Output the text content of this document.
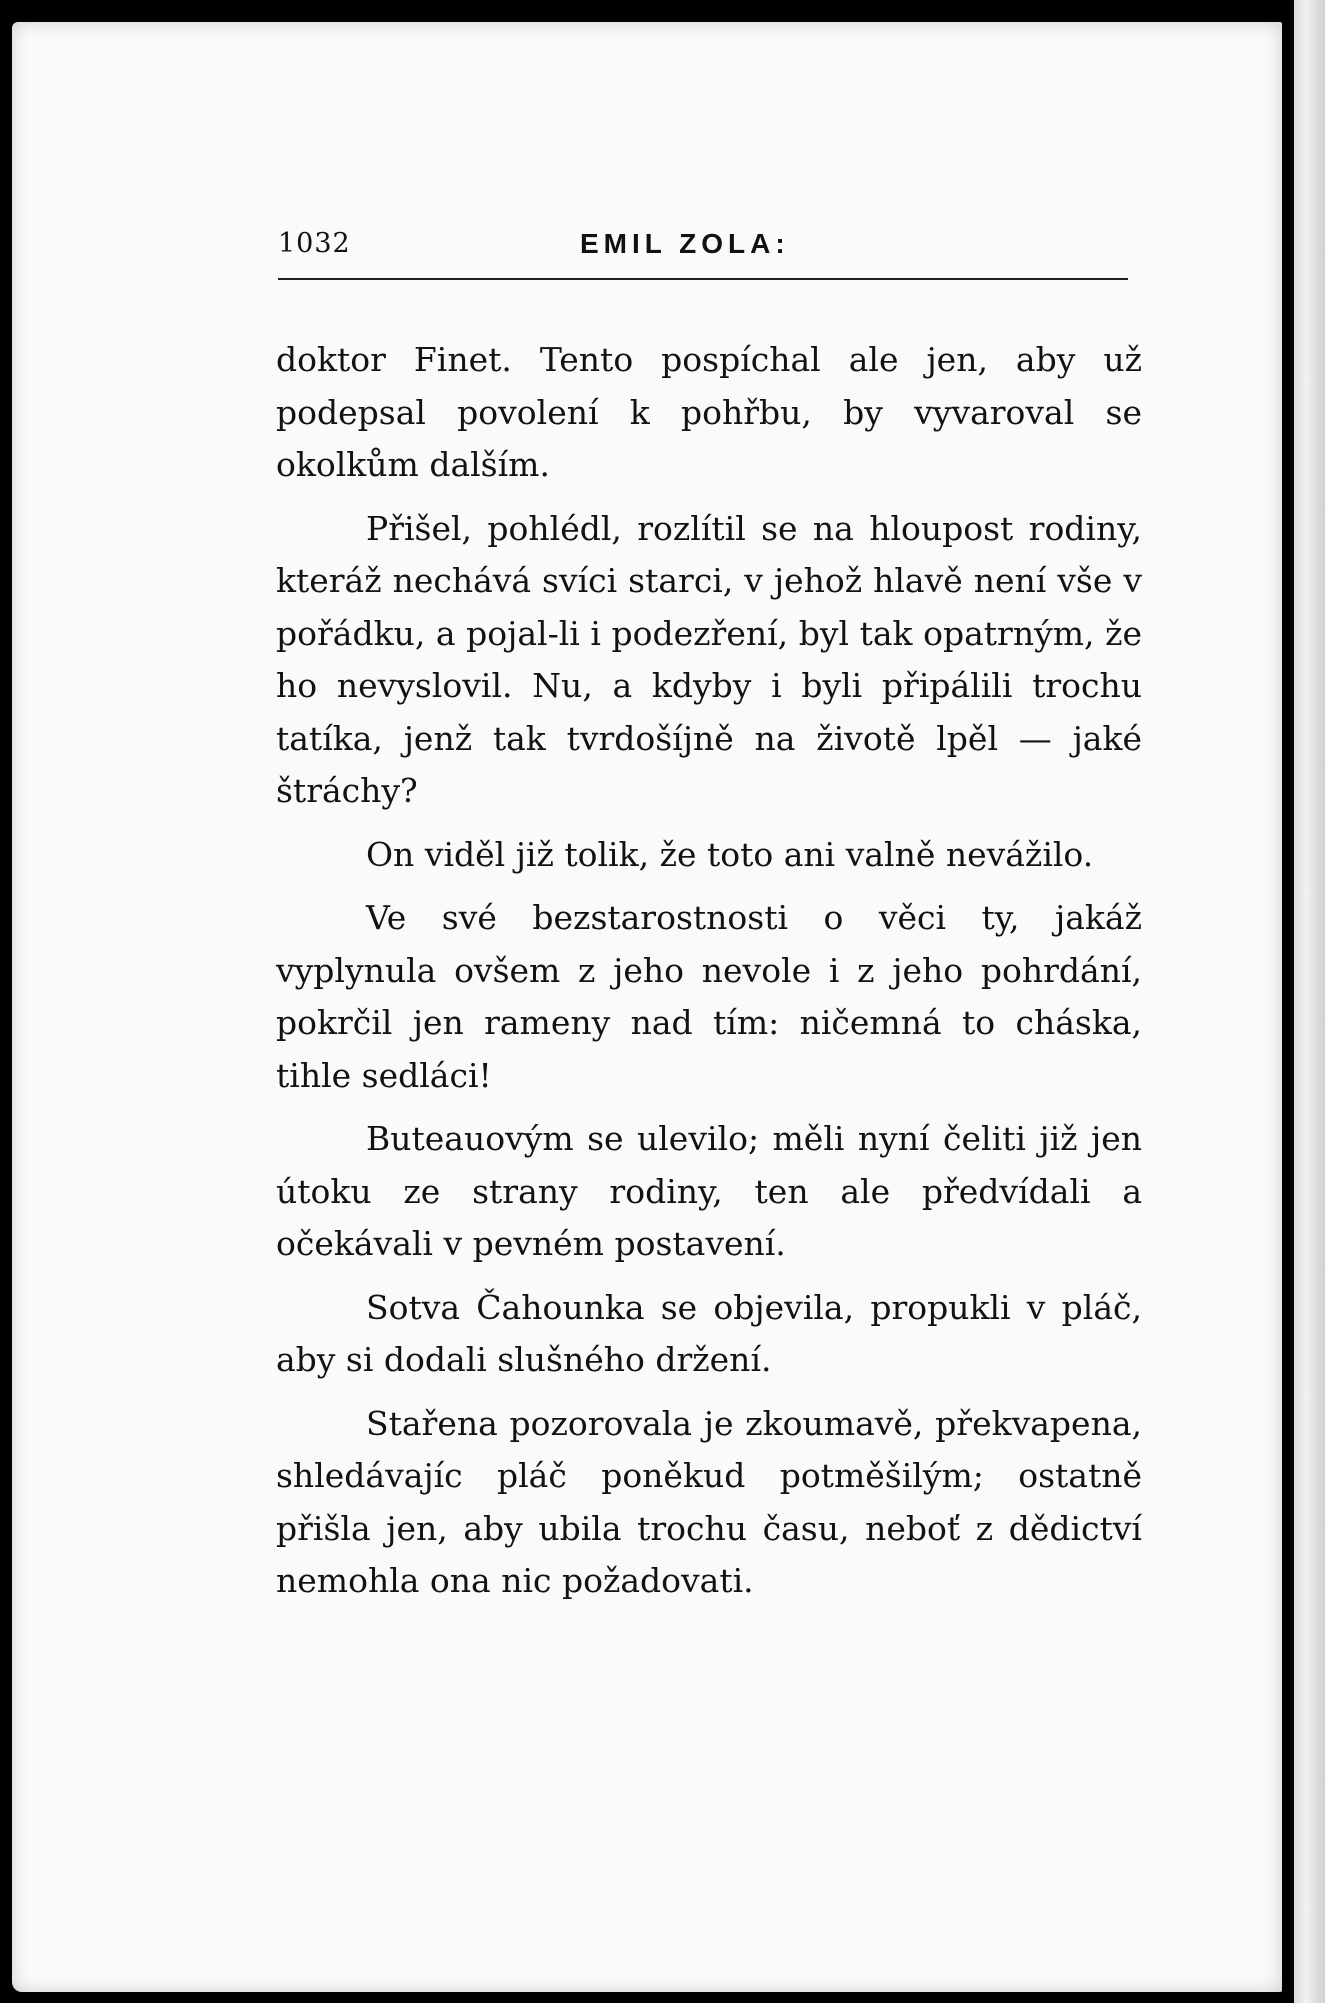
1032	EMIL ZOLA:

doktor Finet. Tento pospíchal ale jen, aby už podepsal povolení k pohřbu, by vyvaroval se okolkům dalším.

Přišel, pohlédl, rozlítil se na hloupost rodiny, kteráž nechává svíci starci, v jehož hlavě není vše v pořádku, a pojal-li i podezření, byl tak opatrným, že ho nevyslovil. Nu, a kdyby i byli připálili trochu tatíka, jenž tak tvrdošíjně na životě lpěl — jaké štráchy?

On viděl již tolik, že toto ani valně nevážilo.

Ve své bezstarostnosti o věci ty, jakáž vyplynula ovšem z jeho nevole i z jeho pohrdání, pokrčil jen rameny nad tím: ničemná to cháska, tihle sedláci!

Buteauovým se ulevilo; měli nyní čeliti již jen útoku ze strany rodiny, ten ale předvídali a očekávali v pevném postavení.

Sotva Čahounka se objevila, propukli v pláč, aby si dodali slušného držení.

Stařena pozorovala je zkoumavě, překvapena, shledávajíc pláč poněkud potměšilým; ostatně přišla jen, aby ubila trochu času, neboť z dědictví nemohla ona nic požadovati.
